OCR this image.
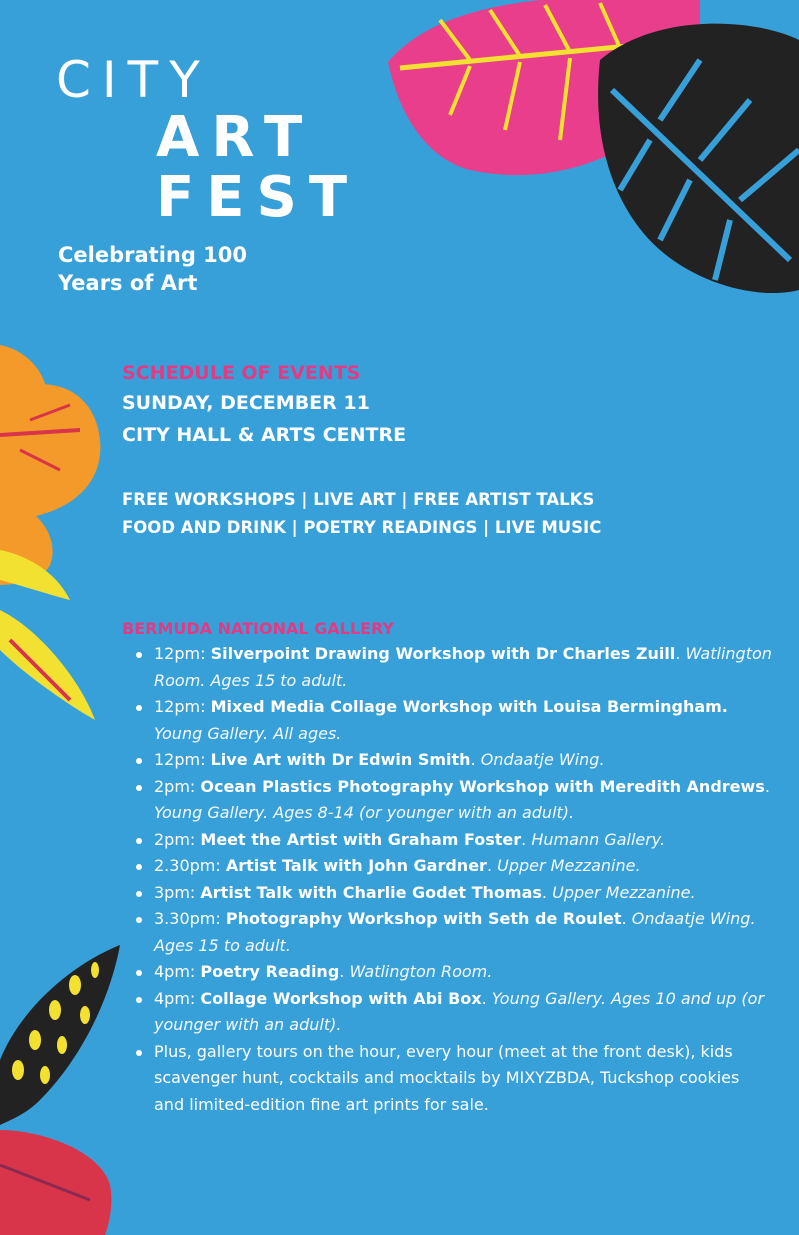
CITY
ART
FEST
Celebrating 100
Years of Art
SCHEDULE OF EVENTS
SUNDAY, DECEMBER 11
CITY HALL & ARTS CENTRE
FREE WORKSHOPS | LIVE ART | FREE ARTIST TALKS
FOOD AND DRINK | POETRY READINGS | LIVE MUSIC
BERMUDA NATIONAL GALLERY
12pm: Silverpoint Drawing Workshop with Dr Charles Zuill. Watlington Room. Ages 15 to adult.
12pm: Mixed Media Collage Workshop with Louisa Bermingham. Young Gallery. All ages.
12pm: Live Art with Dr Edwin Smith. Ondaatje Wing.
2pm: Ocean Plastics Photography Workshop with Meredith Andrews. Young Gallery. Ages 8-14 (or younger with an adult).
2pm: Meet the Artist with Graham Foster. Humann Gallery.
2.30pm: Artist Talk with John Gardner. Upper Mezzanine.
3pm: Artist Talk with Charlie Godet Thomas. Upper Mezzanine.
3.30pm: Photography Workshop with Seth de Roulet. Ondaatje Wing. Ages 15 to adult.
4pm: Poetry Reading. Watlington Room.
4pm: Collage Workshop with Abi Box. Young Gallery. Ages 10 and up (or younger with an adult).
Plus, gallery tours on the hour, every hour (meet at the front desk), kids scavenger hunt, cocktails and mocktails by MIXYZBDA, Tuckshop cookies and limited-edition fine art prints for sale.
